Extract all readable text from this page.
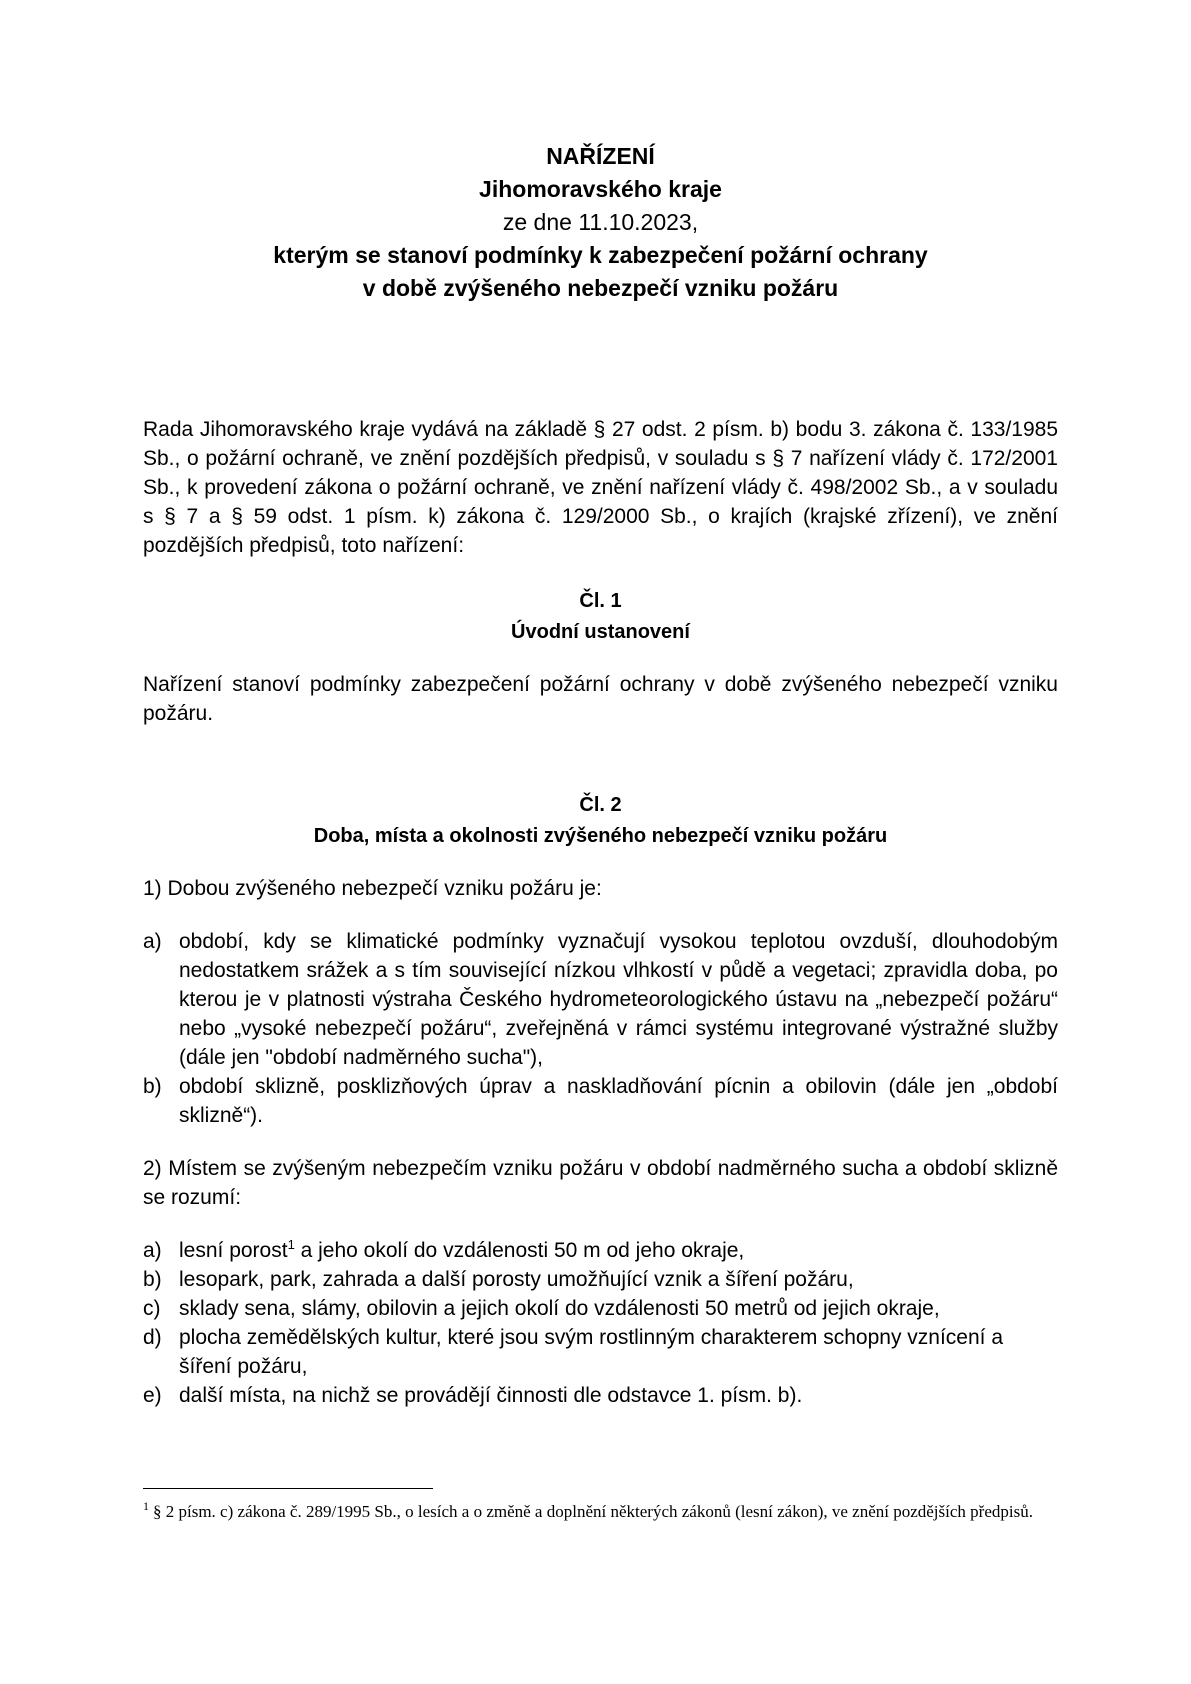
NAŘÍZENÍ
Jihomoravského kraje
ze dne 11.10.2023,
kterým se stanoví podmínky k zabezpečení požární ochrany
v době zvýšeného nebezpečí vzniku požáru
Rada Jihomoravského kraje vydává na základě § 27 odst. 2 písm. b) bodu 3. zákona č. 133/1985 Sb., o požární ochraně, ve znění pozdějších předpisů, v souladu s § 7 nařízení vlády č. 172/2001 Sb., k provedení zákona o požární ochraně, ve znění nařízení vlády č. 498/2002 Sb., a v souladu s § 7 a § 59 odst. 1 písm. k) zákona č. 129/2000 Sb., o krajích (krajské zřízení), ve znění pozdějších předpisů, toto nařízení:
Čl. 1
Úvodní ustanovení
Nařízení stanoví podmínky zabezpečení požární ochrany v době zvýšeného nebezpečí vzniku požáru.
Čl. 2
Doba, místa a okolnosti zvýšeného nebezpečí vzniku požáru
1) Dobou zvýšeného nebezpečí vzniku požáru je:
a) období, kdy se klimatické podmínky vyznačují vysokou teplotou ovzduší, dlouhodobým nedostatkem srážek a s tím související nízkou vlhkostí v půdě a vegetaci; zpravidla doba, po kterou je v platnosti výstraha Českého hydrometeorologického ústavu na „nebezpečí požáru“ nebo „vysoké nebezpečí požáru“, zveřejněná v rámci systému integrované výstražné služby (dále jen "období nadměrného sucha"),
b) období sklizně, posklizňových úprav a naskladňování pícnin a obilovin (dále jen „období sklizně“).
2) Místem se zvýšeným nebezpečím vzniku požáru v období nadměrného sucha a období sklizně se rozumí:
a) lesní porost$^1$ a jeho okolí do vzdálenosti 50 m od jeho okraje,
b) lesopark, park, zahrada a další porosty umožňující vznik a šíření požáru,
c) sklady sena, slámy, obilovin a jejich okolí do vzdálenosti 50 metrů od jejich okraje,
d) plocha zemědělských kultur, které jsou svým rostlinným charakterem schopny vznícení a šíření požáru,
e) další místa, na nichž se provádějí činnosti dle odstavce 1. písm. b).
$^1$ § 2 písm. c) zákona č. 289/1995 Sb., o lesích a o změně a doplnění některých zákonů (lesní zákon), ve znění pozdějších předpisů.
